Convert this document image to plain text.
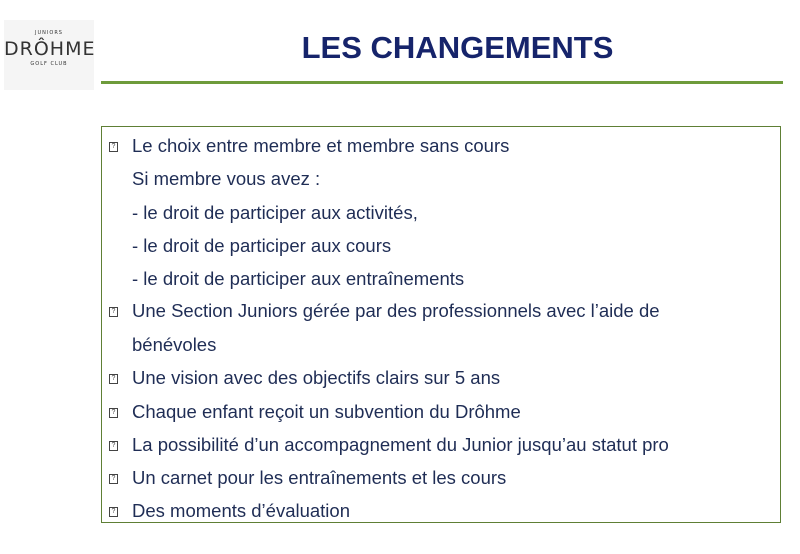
JUNIORS
DRÔHME
GOLF CLUB	LES CHANGEMENTS
? Le choix entre membre et membre sans cours
Si membre vous avez :
- le droit de participer aux activités,
- le droit de participer aux cours
- le droit de participer aux entraînements
? Une Section Juniors gérée par des professionnels avec l’aide de
bénévoles
? Une vision avec des objectifs clairs sur 5 ans
? Chaque enfant reçoit un subvention du Drôhme
? La possibilité d’un accompagnement du Junior jusqu’au statut pro
? Un carnet pour les entraînements et les cours
? Des moments d’évaluation
